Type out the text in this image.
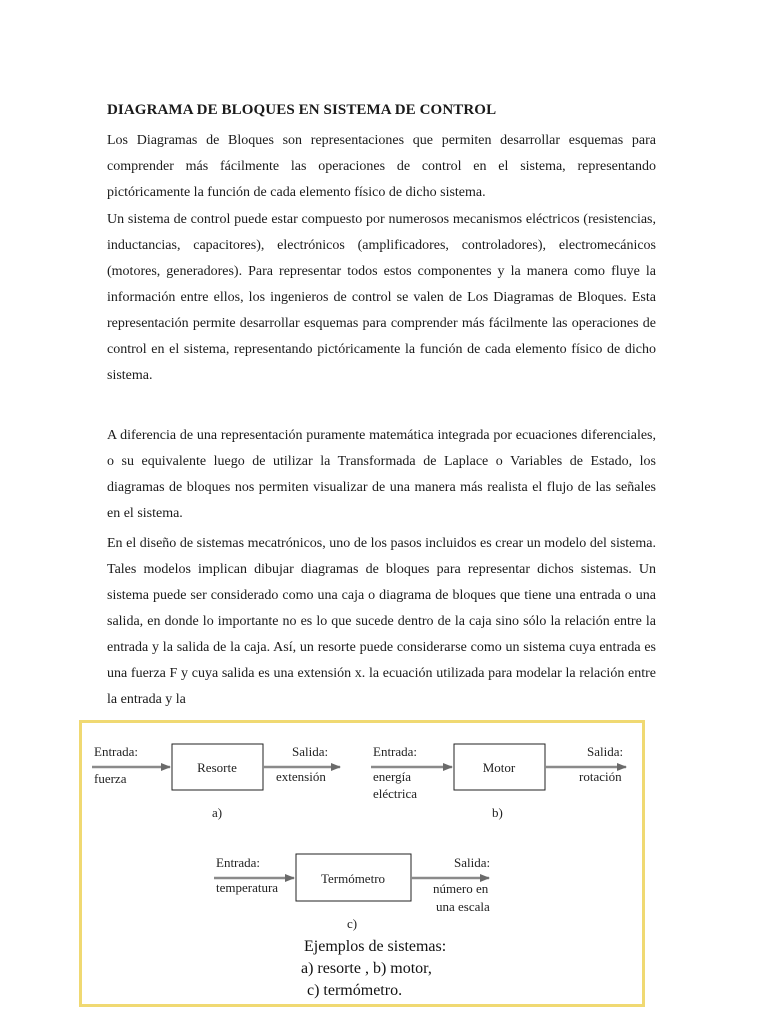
DIAGRAMA DE BLOQUES EN SISTEMA DE CONTROL
Los Diagramas de Bloques son representaciones que permiten desarrollar esquemas para comprender más fácilmente las operaciones de control en el sistema, representando pictóricamente la función de cada elemento físico de dicho sistema.
Un sistema de control puede estar compuesto por numerosos mecanismos eléctricos (resistencias, inductancias, capacitores), electrónicos (amplificadores, controladores), electromecánicos (motores, generadores). Para representar todos estos componentes y la manera como fluye la información entre ellos, los ingenieros de control se valen de Los Diagramas de Bloques. Esta representación permite desarrollar esquemas para comprender más fácilmente las operaciones de control en el sistema, representando pictóricamente la función de cada elemento físico de dicho sistema.
A diferencia de una representación puramente matemática integrada por ecuaciones diferenciales, o su equivalente luego de utilizar la Transformada de Laplace o Variables de Estado, los diagramas de bloques nos permiten visualizar de una manera más realista el flujo de las señales en el sistema.
En el diseño de sistemas mecatrónicos, uno de los pasos incluidos es crear un modelo del sistema. Tales modelos implican dibujar diagramas de bloques para representar dichos sistemas. Un sistema puede ser considerado como una caja o diagrama de bloques que tiene una entrada o una salida, en donde lo importante no es lo que sucede dentro de la caja sino sólo la relación entre la entrada y la salida de la caja. Así, un resorte puede considerarse como un sistema cuya entrada es una fuerza F y cuya salida es una extensión x. la ecuación utilizada para modelar la relación entre la entrada y la
Entrada:
fuerza
Resorte
Salida:
extensión
a)
Entrada:
energía
eléctrica
Motor
Salida:
rotación
b)
Entrada:
temperatura
Termómetro
Salida:
número en
una escala
c)
Ejemplos de sistemas:
a) resorte , b) motor,
c) termómetro.
